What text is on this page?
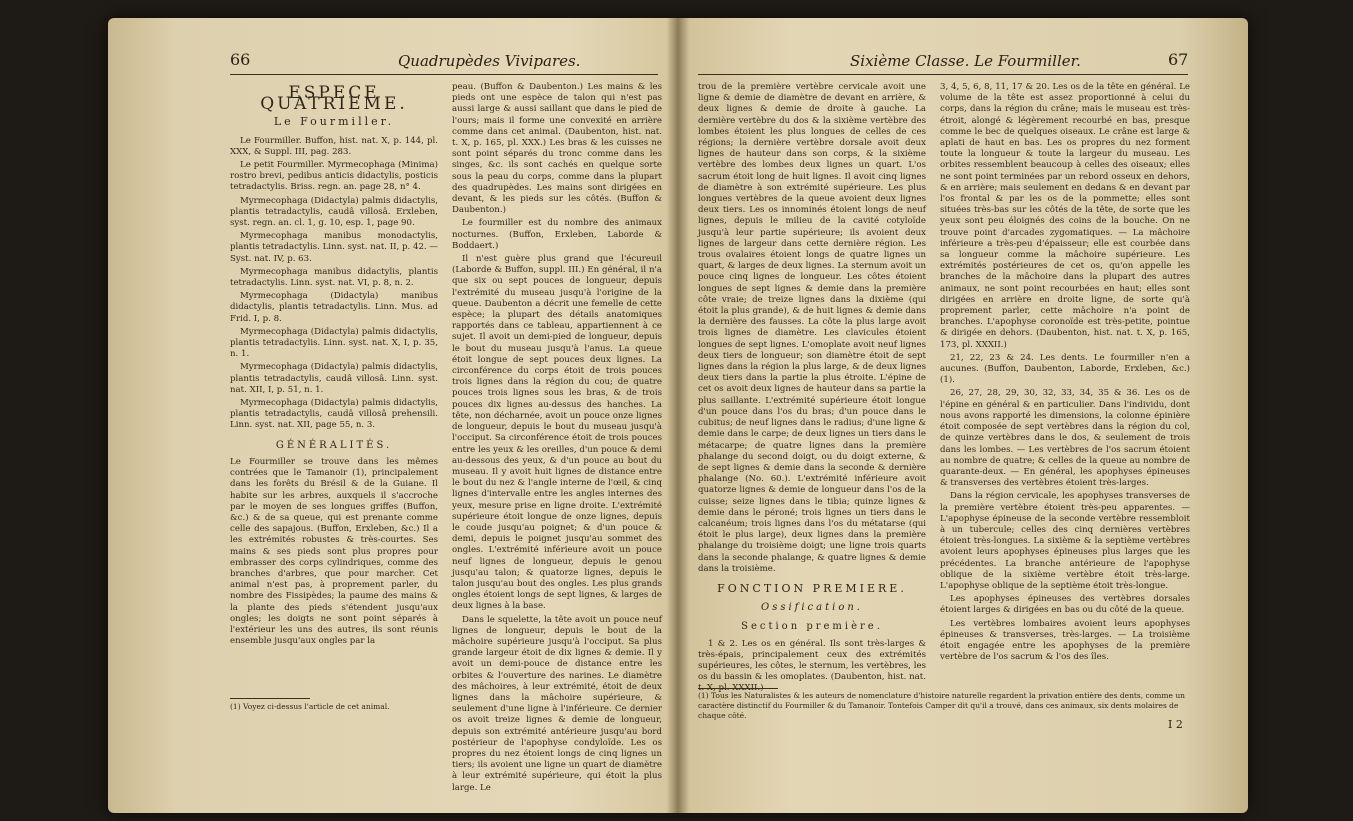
66	Quadrupèdes Vivipares.
ESPECE QUATRIEME.
Le Fourmiller.

Le Fourmiller. Buffon, hist. nat. X, p. 144, pl. XXX, & Suppl. III, pag. 283.

Le petit Fourmiller. Myrmecophaga (Minima) rostro brevi, pedibus anticis didactylis, posticis tetradactylis. Briss. regn. an. page 28, n° 4.

Myrmecophaga (Didactyla) palmis didactylis, plantis tetradactylis, caudâ villosâ. Erxleben, syst. regn. an. cl. 1, g. 10, esp. 1, page 90.

Myrmecophaga manibus monodactylis, plantis tetradactylis. Linn. syst. nat. II, p. 42. — Syst. nat. IV, p. 63.

Myrmecophaga manibus didactylis, plantis tetradactylis. Linn. syst. nat. VI, p. 8, n. 2.

Myrmecophaga (Didactyla) manibus didactylis, plantis tetradactylis. Linn. Mus. ad Frid. I, p. 8.

Myrmecophaga (Didactyla) palmis didactylis, plantis tetradactylis. Linn. syst. nat. X, I, p. 35, n. 1.

Myrmecophaga (Didactyla) palmis didactylis, plantis tetradactylis, caudâ villosâ. Linn. syst. nat. XII, I, p. 51, n. 1.

Myrmecophaga (Didactyla) palmis didactylis, plantis tetradactylis, caudâ villosâ prehensili. Linn. syst. nat. XII, page 55, n. 3.

GÉNÉRALITÉS.

Le Fourmiller se trouve dans les mêmes contrées que le Tamanoir (1), principalement dans les forêts du Brésil & de la Guiane. Il habite sur les arbres, auxquels il s'accroche par le moyen de ses longues griffes (Buffon, &c.) & de sa queue, qui est prenante comme celle des sapajous. (Buffon, Erxleben, &c.) Il a les extrémités robustes & très-courtes. Ses mains & ses pieds sont plus propres pour embrasser des corps cylindriques, comme des branches d'arbres, que pour marcher. Cet animal n'est pas, à proprement parler, du nombre des Fissipèdes; la paume des mains & la plante des pieds s'étendent jusqu'aux ongles; les doigts ne sont point séparés à l'extérieur les uns des autres, ils sont réunis ensemble jusqu'aux ongles par la

peau. (Buffon & Daubenton.) Les mains & les pieds ont une espèce de talon qui n'est pas aussi large & aussi saillant que dans le pied de l'ours; mais il forme une convexité en arrière comme dans cet animal. (Daubenton, hist. nat. t. X, p. 165, pl. XXX.) Les bras & les cuisses ne sont point séparés du tronc comme dans les singes, &c. ils sont cachés en quelque sorte sous la peau du corps, comme dans la plupart des quadrupèdes. Les mains sont dirigées en devant, & les pieds sur les côtés. (Buffon & Daubenton.)

Le fourmiller est du nombre des animaux nocturnes. (Buffon, Erxleben, Laborde & Boddaert.)

Il n'est guère plus grand que l'écureuil (Laborde & Buffon, suppl. III.) En général, il n'a que six ou sept pouces de longueur, depuis l'extrémité du museau jusqu'à l'origine de la queue. Daubenton a décrit une femelle de cette espèce; la plupart des détails anatomiques rapportés dans ce tableau, appartiennent à ce sujet. Il avoit un demi-pied de longueur, depuis le bout du museau jusqu'à l'anus. La queue étoit longue de sept pouces deux lignes. La circonférence du corps étoit de trois pouces trois lignes dans la région du cou; de quatre pouces trois lignes sous les bras, & de trois pouces dix lignes au-dessus des hanches. La tête, non décharnée, avoit un pouce onze lignes de longueur, depuis le bout du museau jusqu'à l'occiput. Sa circonférence étoit de trois pouces entre les yeux & les oreilles, d'un pouce & demi au-dessous des yeux, & d'un pouce au bout du museau. Il y avoit huit lignes de distance entre le bout du nez & l'angle interne de l'œil, & cinq lignes d'intervalle entre les angles internes des yeux, mesure prise en ligne droite. L'extrémité supérieure étoit longue de onze lignes, depuis le coude jusqu'au poignet; & d'un pouce & demi, depuis le poignet jusqu'au sommet des ongles. L'extrémité inférieure avoit un pouce neuf lignes de longueur, depuis le genou jusqu'au talon; & quatorze lignes, depuis le talon jusqu'au bout des ongles. Les plus grands ongles étoient longs de sept lignes, & larges de deux lignes à la base.

Dans le squelette, la tête avoit un pouce neuf lignes de longueur, depuis le bout de la mâchoire supérieure jusqu'à l'occiput. Sa plus grande largeur étoit de dix lignes & demie. Il y avoit un demi-pouce de distance entre les orbites & l'ouverture des narines. Le diamètre des mâchoires, à leur extrémité, étoit de deux lignes dans la mâchoire supérieure, & seulement d'une ligne à l'inférieure. Ce dernier os avoit treize lignes & demie de longueur, depuis son extrémité antérieure jusqu'au bord postérieur de l'apophyse condyloïde. Les os propres du nez étoient longs de cinq lignes un tiers; ils avoient une ligne un quart de diamètre à leur extrémité supérieure, qui étoit la plus large. Le

(1) Voyez ci-dessus l'article de cet animal.
Sixième Classe. Le Fourmiller.	67

trou de la première vertèbre cervicale avoit une ligne & demie de diamètre de devant en arrière, & deux lignes & demie de droite à gauche. La dernière vertèbre du dos & la sixième vertèbre des lombes étoient les plus longues de celles de ces régions; la dernière vertèbre dorsale avoit deux lignes de hauteur dans son corps, & la sixième vertèbre des lombes deux lignes un quart. L'os sacrum étoit long de huit lignes. Il avoit cinq lignes de diamètre à son extrémité supérieure. Les plus longues vertèbres de la queue avoient deux lignes deux tiers. Les os innominés étoient longs de neuf lignes, depuis le milieu de la cavité cotyloïde jusqu'à leur partie supérieure; ils avoient deux lignes de largeur dans cette dernière région. Les trous ovalaires étoient longs de quatre lignes un quart, & larges de deux lignes. La sternum avoit un pouce cinq lignes de longueur. Les côtes étoient longues de sept lignes & demie dans la première côte vraie; de treize lignes dans la dixième (qui étoit la plus grande), & de huit lignes & demie dans la dernière des fausses. La côte la plus large avoit trois lignes de diamètre. Les clavicules étoient longues de sept lignes. L'omoplate avoit neuf lignes deux tiers de longueur; son diamètre étoit de sept lignes dans la région la plus large, & de deux lignes deux tiers dans la partie la plus étroite. L'épine de cet os avoit deux lignes de hauteur dans sa partie la plus saillante. L'extrémité supérieure étoit longue d'un pouce dans l'os du bras; d'un pouce dans le cubitus; de neuf lignes dans le radius; d'une ligne & demie dans le carpe; de deux lignes un tiers dans le métacarpe; de quatre lignes dans la première phalange du second doigt, ou du doigt externe, & de sept lignes & demie dans la seconde & dernière phalange (No. 60.). L'extrémité inférieure avoit quatorze lignes & demie de longueur dans l'os de la cuisse; seize lignes dans le tibia; quinze lignes & demie dans le péroné; trois lignes un tiers dans le calcanéum; trois lignes dans l'os du métatarse (qui étoit le plus large), deux lignes dans la première phalange du troisième doigt; une ligne trois quarts dans la seconde phalange, & quatre lignes & demie dans la troisième.

FONCTION PREMIERE.
Ossification.
Section première.

1 & 2. Les os en général. Ils sont très-larges & très-épais, principalement ceux des extrémités supérieures, les côtes, le sternum, les vertèbres, les os du bassin & les omoplates. (Daubenton, hist. nat.

3, 4, 5, 6, 8, 11, 17 & 20. Les os de la tête en général. Le volume de la tête est assez proportionné à celui du corps, dans la région du crâne; mais le museau est très-étroit, alongé & légèrement recourbé en bas, presque comme le bec de quelques oiseaux. Le crâne est large & aplati de haut en bas. Les os propres du nez forment toute la longueur & toute la largeur du museau. Les orbites ressemblent beaucoup à celles des oiseaux; elles ne sont point terminées par un rebord osseux en dehors, & en arrière; mais seulement en dedans & en devant par l'os frontal & par les os de la pommette; elles sont situées très-bas sur les côtés de la tête, de sorte que les yeux sont peu éloignés des coins de la bouche. On ne trouve point d'arcades zygomatiques. — La mâchoire inférieure a très-peu d'épaisseur; elle est courbée dans sa longueur comme la mâchoire supérieure. Les extrémités postérieures de cet os, qu'on appelle les branches de la mâchoire dans la plupart des autres animaux, ne sont point recourbées en haut; elles sont dirigées en arrière en droite ligne, de sorte qu'à proprement parler, cette mâchoire n'a point de branches. L'apophyse coronoïde est très-petite, pointue & dirigée en dehors. (Daubenton, hist. nat. t. X, p. 165, 173, pl. XXXII.)

21, 22, 23 & 24. Les dents. Le fourmiller n'en a aucunes. (Buffon, Daubenton, Laborde, Erxleben, &c.) (1).

26, 27, 28, 29, 30, 32, 33, 34, 35 & 36. Les os de l'épine en général & en particulier. Dans l'individu, dont nous avons rapporté les dimensions, la colonne épinière étoit composée de sept vertèbres dans la région du col, de quinze vertèbres dans le dos, & seulement de trois dans les lombes. — Les vertèbres de l'os sacrum étoient au nombre de quatre; & celles de la queue au nombre de quarante-deux. — En général, les apophyses épineuses & transverses des vertèbres étoient très-larges.

Dans la région cervicale, les apophyses transverses de la première vertèbre étoient très-peu apparentes. — L'apophyse épineuse de la seconde vertèbre ressembloit à un tubercule; celles des cinq dernières vertèbres étoient très-longues. La sixième & la septième vertèbres avoient leurs apophyses épineuses plus larges que les précédentes. La branche antérieure de l'apophyse oblique de la sixième vertèbre étoit très-large. L'apophyse oblique de la septième étoit très-longue.

Les apophyses épineuses des vertèbres dorsales étoient larges & dirigées en bas ou du côté de la queue.

Les vertèbres lombaires avoient leurs apophyses épineuses & transverses, très-larges. — La troisième étoit engagée entre les apophyses de la première vertèbre de l'os sacrum & l'os des îles.

(1) Tous les Naturalistes & les auteurs de nomenclature d'histoire naturelle regardent la privation entière des dents, comme un caractère distinctif du Fourmiller & du Tamanoir. Tontefois Camper dit qu'il a trouvé, dans ces animaux, six dents molaires de chaque côté.
I 2
